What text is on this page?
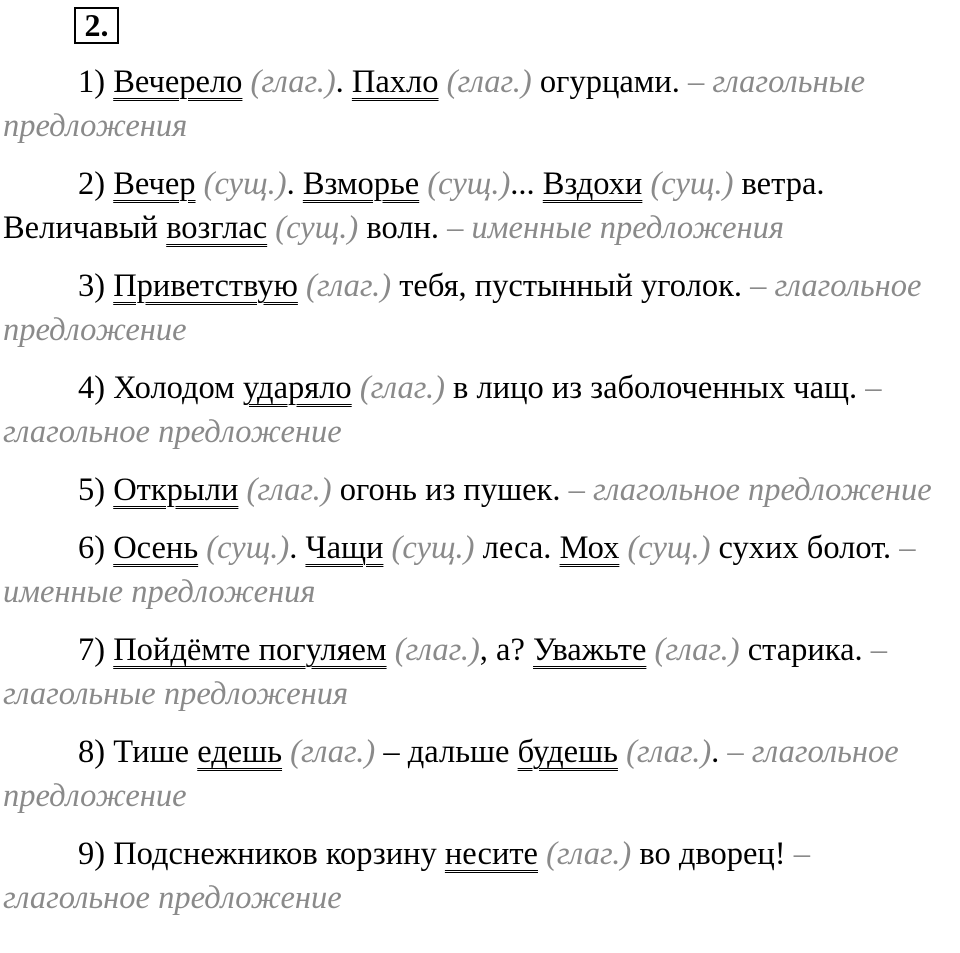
2.
1) Вечерело (глаг.). Пахло (глаг.) огурцами. – глагольные предложения
2) Вечер (сущ.). Взморье (сущ.)... Вздохи (сущ.) ветра. Величавый возглас (сущ.) волн. – именные предложения
3) Приветствую (глаг.) тебя, пустынный уголок. – глагольное предложение
4) Холодом ударяло (глаг.) в лицо из заболоченных чащ. – глагольное предложение
5) Открыли (глаг.) огонь из пушек. – глагольное предложение
6) Осень (сущ.). Чащи (сущ.) леса. Мох (сущ.) сухих болот. – именные предложения
7) Пойдёмте погуляем (глаг.), а? Уважьте (глаг.) старика. – глагольные предложения
8) Тише едешь (глаг.) – дальше будешь (глаг.). – глагольное предложение
9) Подснежников корзину несите (глаг.) во дворец! – глагольное предложение
